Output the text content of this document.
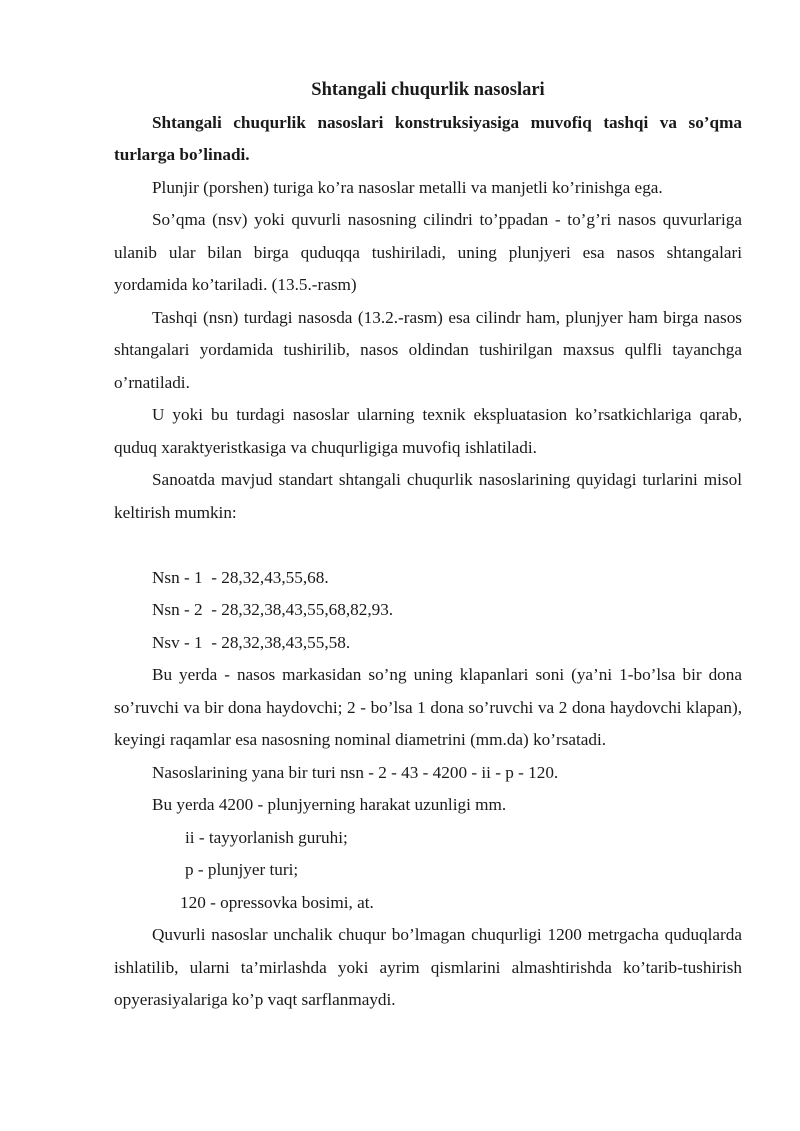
Shtangali chuqurlik nasoslari

Shtangali chuqurlik nasoslari konstruksiyasiga muvofiq tashqi va so’qma turlarga bo’linadi.

Plunjir (porshen) turiga ko’ra nasoslar metalli va manjetli ko’rinishga ega.

So’qma (nsv) yoki quvurli nasosning cilindri to’ppadan - to’g’ri nasos quvurlariga ulanib ular bilan birga quduqqa tushiriladi, uning plunjyeri esa nasos shtangalari yordamida ko’tariladi. (13.5.-rasm)

Tashqi (nsn) turdagi nasosda (13.2.-rasm) esa cilindr ham, plunjyer ham birga nasos shtangalari yordamida tushirilib, nasos oldindan tushirilgan maxsus qulfli tayanchga o’rnatiladi.

U yoki bu turdagi nasoslar ularning texnik ekspluatasion ko’rsatkichlariga qarab, quduq xaraktyeristkasiga va chuqurligiga muvofiq ishlatiladi.

Sanoatda mavjud standart shtangali chuqurlik nasoslarining quyidagi turlarini misol keltirish mumkin:

Nsn - 1  - 28,32,43,55,68.
Nsn - 2  - 28,32,38,43,55,68,82,93.
Nsv - 1  - 28,32,38,43,55,58.

Bu yerda - nasos markasidan so’ng uning klapanlari soni (ya’ni 1-bo’lsa bir dona so’ruvchi va bir dona haydovchi; 2 - bo’lsa 1 dona so’ruvchi va 2 dona haydovchi klapan), keyingi raqamlar esa nasosning nominal diametrini (mm.da) ko’rsatadi.

Nasoslarining yana bir turi nsn - 2 - 43 - 4200 - ii - p - 120.
Bu yerda 4200 - plunjyerning harakat uzunligi mm.
ii - tayyorlanish guruhi;
p - plunjyer turi;
120 - opressovka bosimi, at.

Quvurli nasoslar unchalik chuqur bo’lmagan chuqurligi 1200 metrgacha quduqlarda ishlatilib, ularni ta’mirlashda yoki ayrim qismlarini almashtirishda ko’tarib-tushirish opyerasiyalariga ko’p vaqt sarflanmaydi.
